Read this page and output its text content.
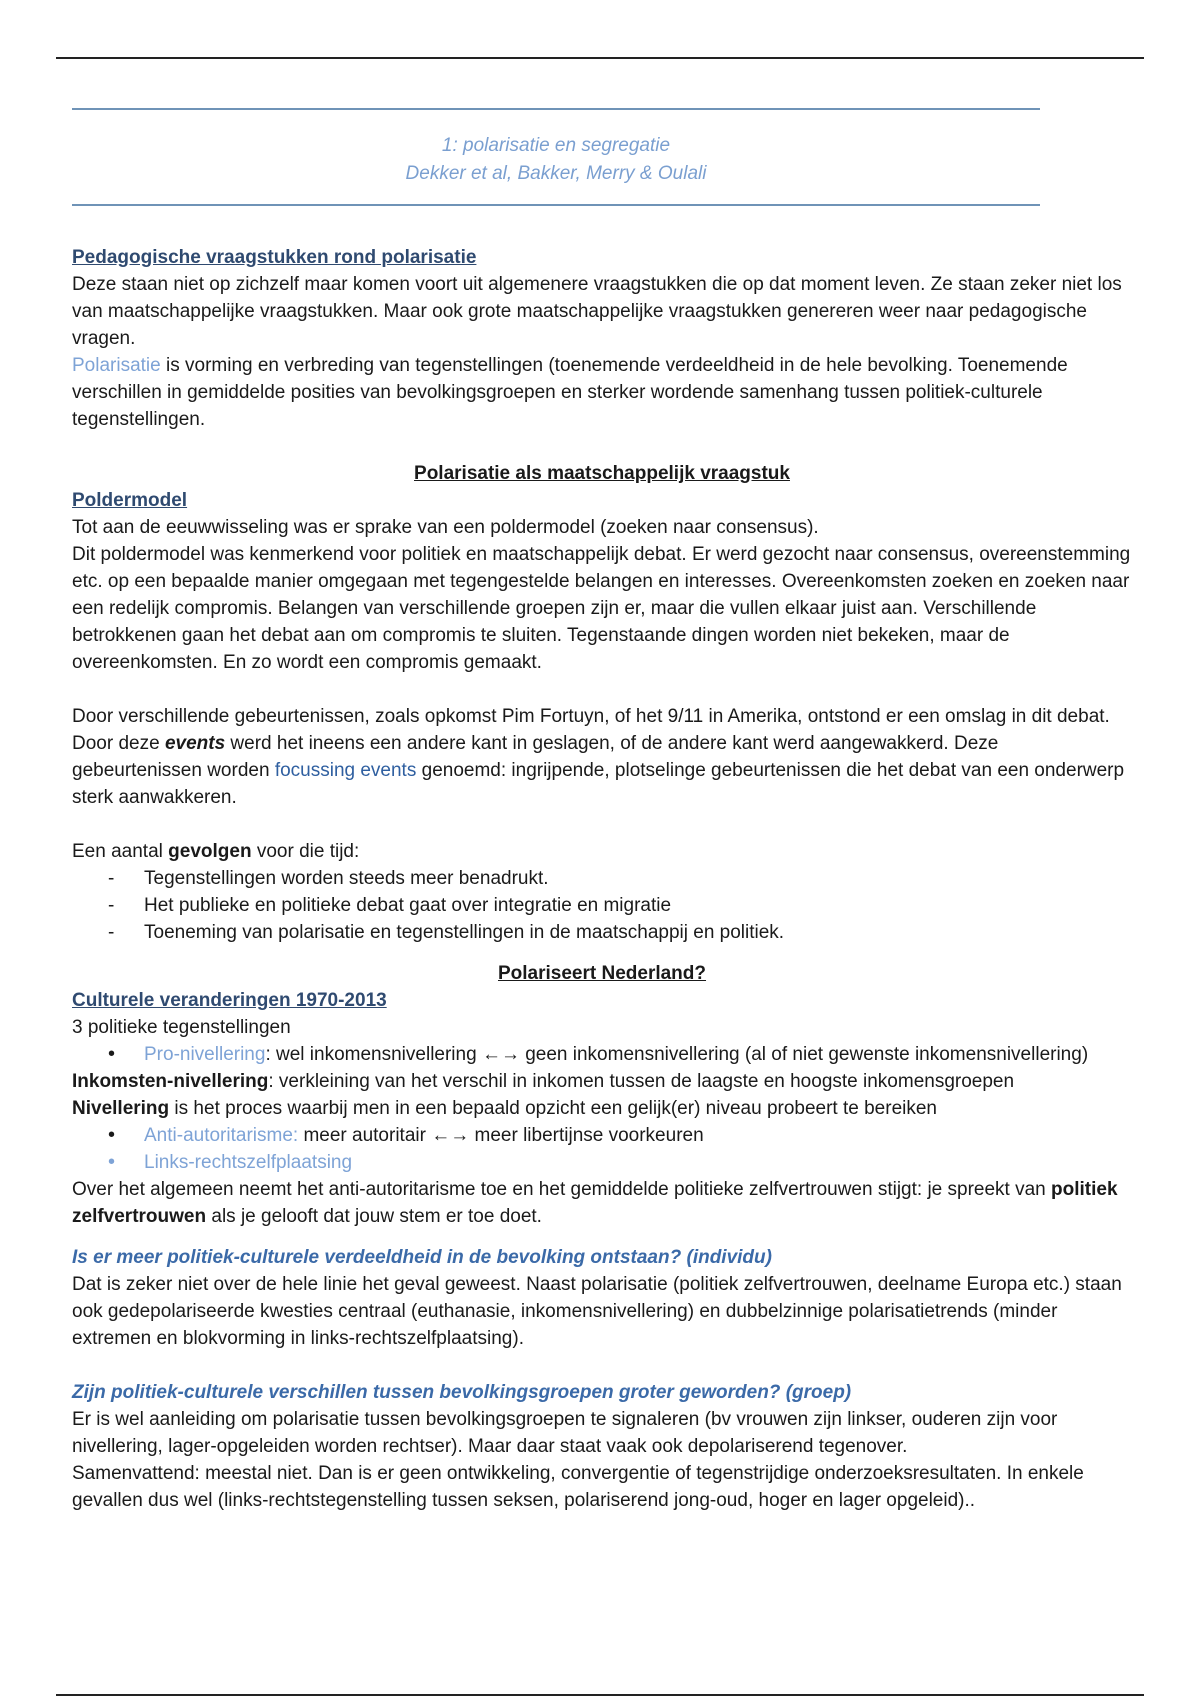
1: polarisatie en segregatie
Dekker et al, Bakker, Merry & Oulali

Pedagogische vraagstukken rond polarisatie

Deze staan niet op zichzelf maar komen voort uit algemenere vraagstukken die op dat moment leven. Ze staan zeker niet los van maatschappelijke vraagstukken. Maar ook grote maatschappelijke vraagstukken genereren weer naar pedagogische vragen.

Polarisatie is vorming en verbreding van tegenstellingen (toenemende verdeeldheid in de hele bevolking. Toenemende verschillen in gemiddelde posities van bevolkingsgroepen en sterker wordende samenhang tussen politiek-culturele tegenstellingen.

Polarisatie als maatschappelijk vraagstuk

Poldermodel

Tot aan de eeuwwisseling was er sprake van een poldermodel (zoeken naar consensus).

Dit poldermodel was kenmerkend voor politiek en maatschappelijk debat. Er werd gezocht naar consensus, overeenstemming etc. op een bepaalde manier omgegaan met tegengestelde belangen en interesses. Overeenkomsten zoeken en zoeken naar een redelijk compromis. Belangen van verschillende groepen zijn er, maar die vullen elkaar juist aan. Verschillende betrokkenen gaan het debat aan om compromis te sluiten. Tegenstaande dingen worden niet bekeken, maar de overeenkomsten. En zo wordt een compromis gemaakt.

Door verschillende gebeurtenissen, zoals opkomst Pim Fortuyn, of het 9/11 in Amerika, ontstond er een omslag in dit debat. Door deze events werd het ineens een andere kant in geslagen, of de andere kant werd aangewakkerd. Deze gebeurtenissen worden focussing events genoemd: ingrijpende, plotselinge gebeurtenissen die het debat van een onderwerp sterk aanwakkeren.

Een aantal gevolgen voor die tijd:

- Tegenstellingen worden steeds meer benadrukt.
- Het publieke en politieke debat gaat over integratie en migratie
- Toeneming van polarisatie en tegenstellingen in de maatschappij en politiek.

Polariseert Nederland?

Culturele veranderingen 1970-2013

3 politieke tegenstellingen

• Pro-nivellering: wel inkomensnivellering ←→ geen inkomensnivellering (al of niet gewenste inkomensnivellering)

Inkomsten-nivellering: verkleining van het verschil in inkomen tussen de laagste en hoogste inkomensgroepen

Nivellering is het proces waarbij men in een bepaald opzicht een gelijk(er) niveau probeert te bereiken

• Anti-autoritarisme: meer autoritair ←→ meer libertijnse voorkeuren
• Links-rechtszelfplaatsing

Over het algemeen neemt het anti-autoritarisme toe en het gemiddelde politieke zelfvertrouwen stijgt: je spreekt van politiek zelfvertrouwen als je gelooft dat jouw stem er toe doet.

Is er meer politiek-culturele verdeeldheid in de bevolking ontstaan? (individu)

Dat is zeker niet over de hele linie het geval geweest. Naast polarisatie (politiek zelfvertrouwen, deelname Europa etc.) staan ook gedepolariseerde kwesties centraal (euthanasie, inkomensnivellering) en dubbelzinnige polarisatietrends (minder extremen en blokvorming in links-rechtszelfplaatsing).

Zijn politiek-culturele verschillen tussen bevolkingsgroepen groter geworden? (groep)

Er is wel aanleiding om polarisatie tussen bevolkingsgroepen te signaleren (bv vrouwen zijn linkser, ouderen zijn voor nivellering, lager-opgeleiden worden rechtser). Maar daar staat vaak ook depolariserend tegenover.

Samenvattend: meestal niet. Dan is er geen ontwikkeling, convergentie of tegenstrijdige onderzoeksresultaten. In enkele gevallen dus wel (links-rechtstegenstelling tussen seksen, polariserend jong-oud, hoger en lager opgeleid)..
